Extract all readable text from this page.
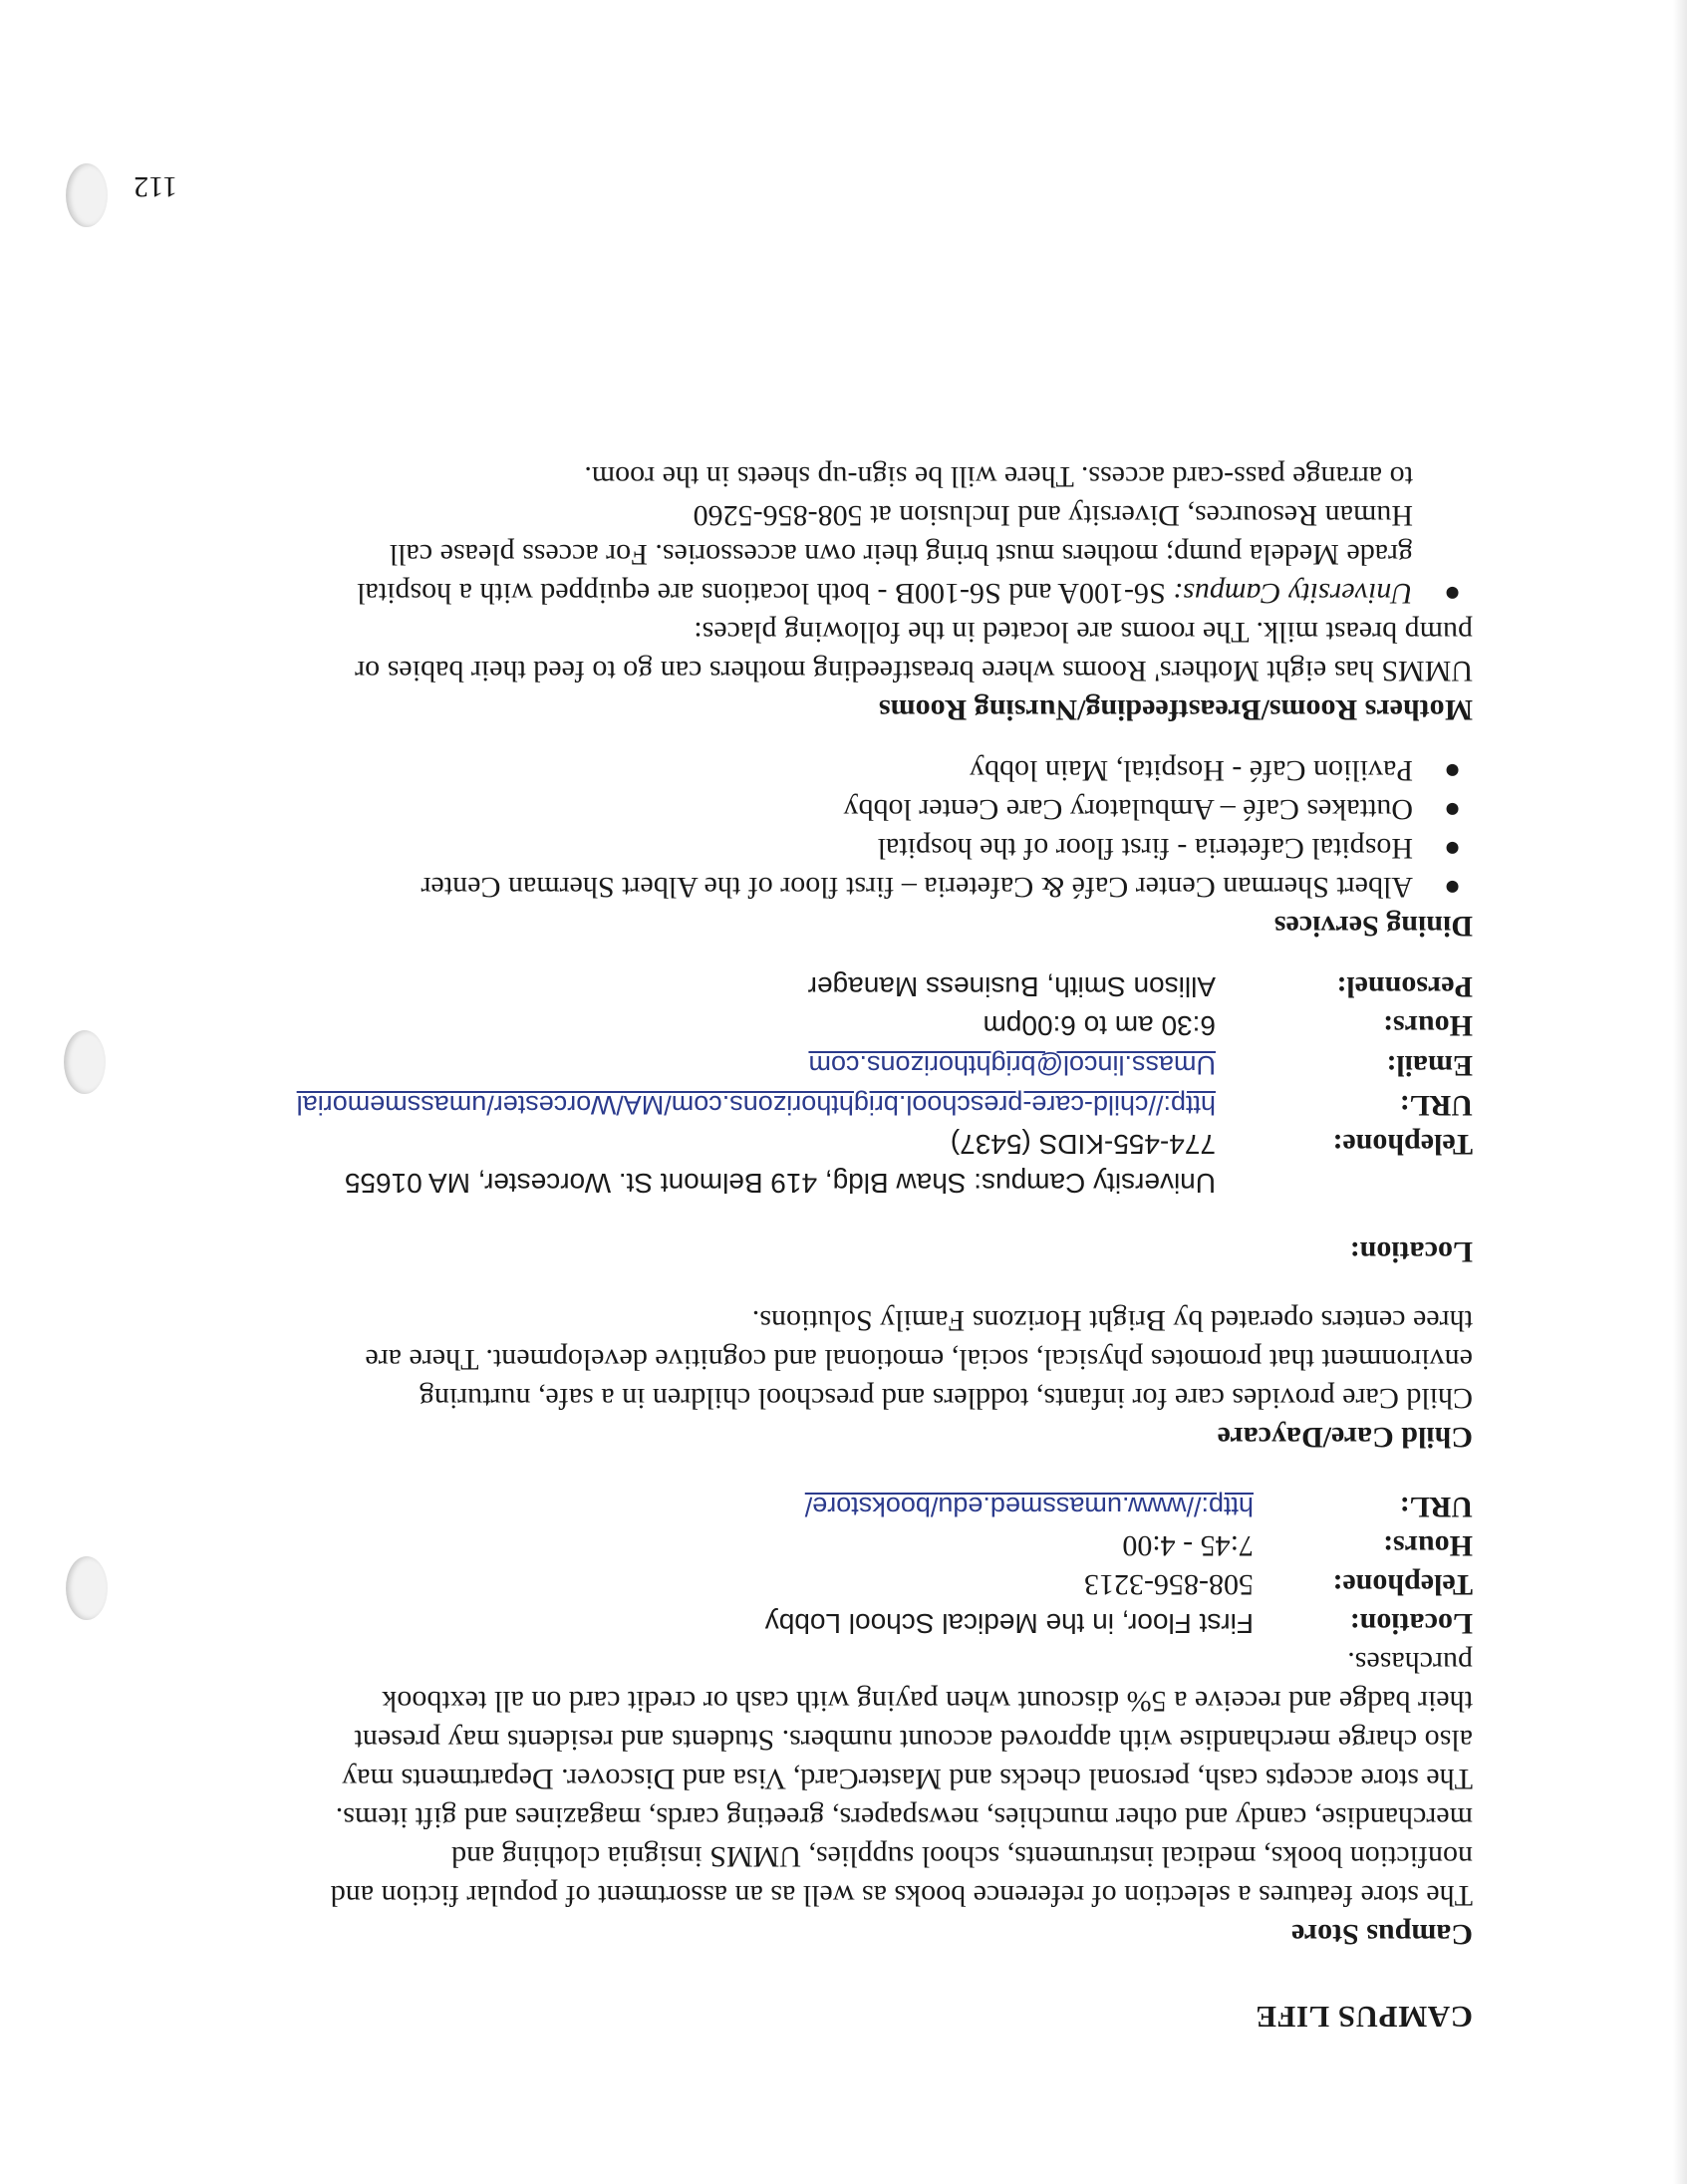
CAMPUS LIFE
Campus Store

The store features a selection of reference books as well as an assortment of popular fiction and
nonfiction books, medical instruments, school supplies, UMMS insignia clothing and
merchandise, candy and other munchies, newspapers, greeting cards, magazines and gift items.
The store accepts cash, personal checks and MasterCard, Visa and Discover. Departments may
also charge merchandise with approved account numbers. Students and residents may present
their badge and receive a 5% discount when paying with cash or credit card on all textbook
purchases.

Location:
First Floor, in the Medical School Lobby
Telephone:
508-856-3213
Hours:
7:45 - 4:00
URL:
http://www.umassmed.edu/bookstore/
Child Care/Daycare

Child Care provides care for infants, toddlers and preschool children in a safe, nurturing
environment that promotes physical, social, emotional and cognitive development. There are
three centers operated by Bright Horizons Family Solutions.

Location:
University Campus: Shaw Bldg, 419 Belmont St. Worcester, MA 01655
Telephone:
774-455-KIDS (5437)
URL:
http://child-care-preschool.brighthorizons.com/MA/Worcester/umassmemorial
Email:
Umass.lincol@brighthorizons.com
Hours:
6:30 am to 6:00pm
Personnel:
Allison Smith, Business Manager
Dining Services
●
Albert Sherman Center Café & Cafeteria – first floor of the Albert Sherman Center
●
Hospital Cafeteria - first floor of the hospital
●
Outtakes Café – Ambulatory Care Center lobby
●
Pavilion Café - Hospital, Main lobby
Mothers Rooms/Breastfeeding/Nursing Rooms

UMMS has eight Mothers' Rooms where breastfeeding mothers can go to feed their babies or
pump breast milk. The rooms are located in the following places:

●
University Campus: S6-100A and S6-100B - both locations are equipped with a hospital
grade Medela pump; mothers must bring their own accessories. For access please call
Human Resources, Diversity and Inclusion at 508-856-5260
to arrange pass-card access. There will be sign-up sheets in the room.
112
